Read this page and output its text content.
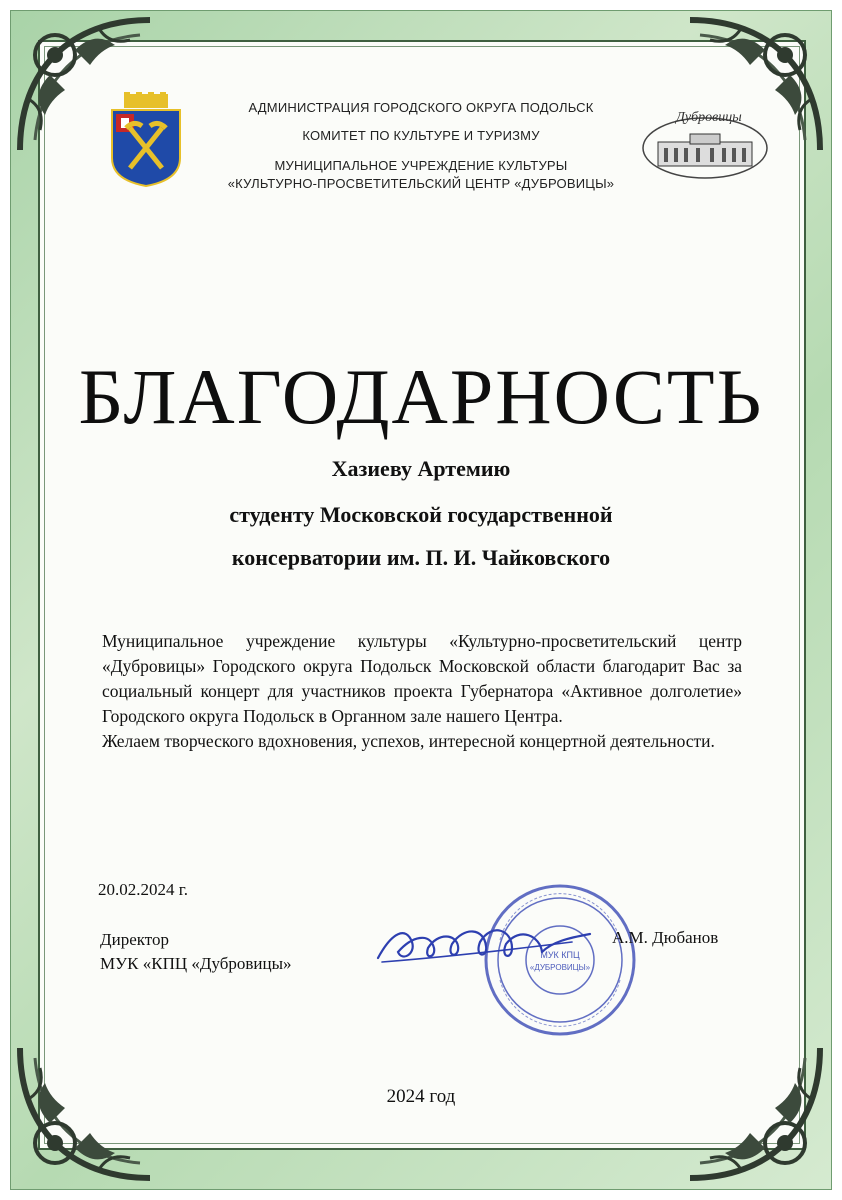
АДМИНИСТРАЦИЯ ГОРОДСКОГО ОКРУГА ПОДОЛЬСК
КОМИТЕТ ПО КУЛЬТУРЕ И ТУРИЗМУ
МУНИЦИПАЛЬНОЕ УЧРЕЖДЕНИЕ КУЛЬТУРЫ
«КУЛЬТУРНО-ПРОСВЕТИТЕЛЬСКИЙ ЦЕНТР «ДУБРОВИЦЫ»
Дубровицы
БЛАГОДАРНОСТЬ
Хазиеву Артемию
студенту Московской государственной
консерватории им. П. И. Чайковского
Муниципальное учреждение культуры «Культурно-просветительский центр «Дубровицы» Городского округа Подольск Московской области благодарит Вас за социальный концерт для участников проекта Губернатора «Активное долголетие» Городского округа Подольск в Органном зале нашего Центра.
Желаем творческого вдохновения, успехов, интересной концертной деятельности.
20.02.2024 г.
Директор
МУК «КПЦ «Дубровицы»	МУК КПЦ
«ДУБРОВИЦЫ»
А.М. Дюбанов
2024 год
